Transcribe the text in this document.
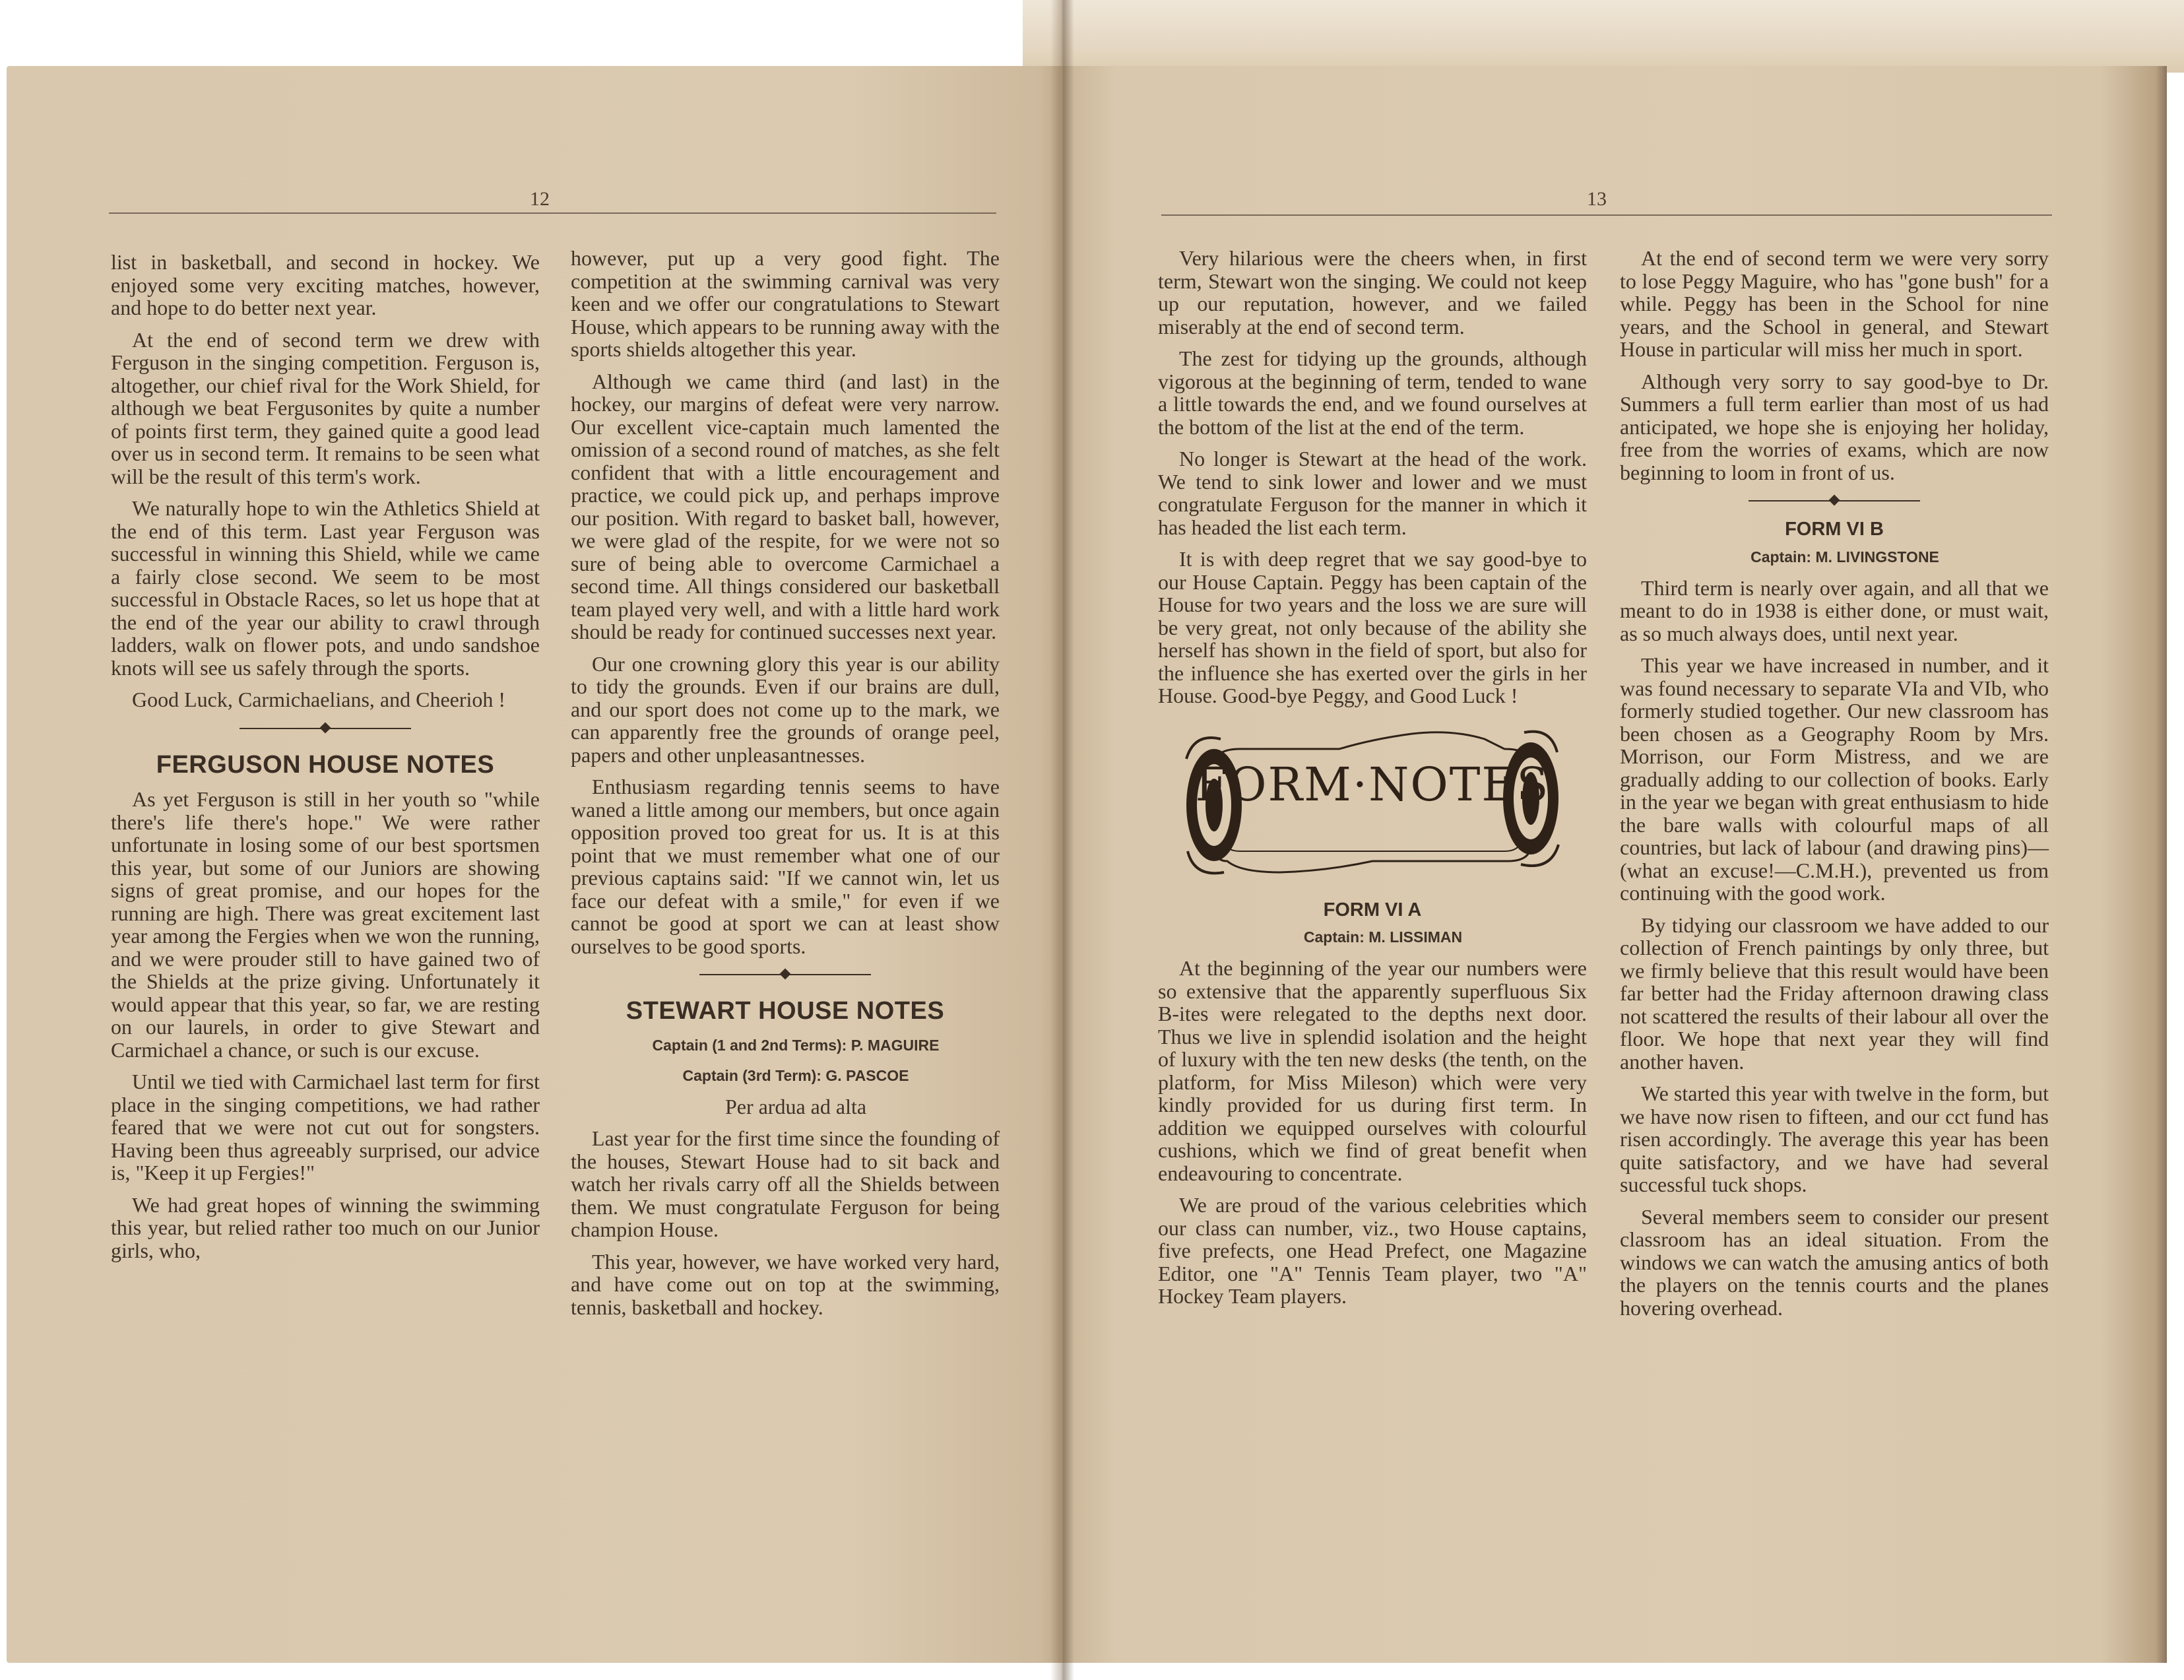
12

list in basketball, and second in hockey. We enjoyed some very exciting matches, however, and hope to do better next year.

At the end of second term we drew with Ferguson in the singing competition. Ferguson is, altogether, our chief rival for the Work Shield, for although we beat Fergusonites by quite a number of points first term, they gained quite a good lead over us in second term. It remains to be seen what will be the result of this term's work.

We naturally hope to win the Athletics Shield at the end of this term. Last year Ferguson was successful in winning this Shield, while we came a fairly close second. We seem to be most successful in Obstacle Races, so let us hope that at the end of the year our ability to crawl through ladders, walk on flower pots, and undo sandshoe knots will see us safely through the sports.

Good Luck, Carmichaelians, and Cheerioh !

FERGUSON HOUSE NOTES

As yet Ferguson is still in her youth so "while there's life there's hope." We were rather unfortunate in losing some of our best sportsmen this year, but some of our Juniors are showing signs of great promise, and our hopes for the running are high. There was great excitement last year among the Fergies when we won the running, and we were prouder still to have gained two of the Shields at the prize giving. Unfortunately it would appear that this year, so far, we are resting on our laurels, in order to give Stewart and Carmichael a chance, or such is our excuse.

Until we tied with Carmichael last term for first place in the singing competitions, we had rather feared that we were not cut out for songsters. Having been thus agreeably surprised, our advice is, "Keep it up Fergies!"

We had great hopes of winning the swimming this year, but relied rather too much on our Junior girls, who,

however, put up a very good fight. The competition at the swimming carnival was very keen and we offer our congratulations to Stewart House, which appears to be running away with the sports shields altogether this year.

Although we came third (and last) in the hockey, our margins of defeat were very narrow. Our excellent vice-captain much lamented the omission of a second round of matches, as she felt confident that with a little encouragement and practice, we could pick up, and perhaps improve our position. With regard to basket ball, however, we were glad of the respite, for we were not so sure of being able to overcome Carmichael a second time. All things considered our basketball team played very well, and with a little hard work should be ready for continued successes next year.

Our one crowning glory this year is our ability to tidy the grounds. Even if our brains are dull, and our sport does not come up to the mark, we can apparently free the grounds of orange peel, papers and other unpleasantnesses.

Enthusiasm regarding tennis seems to have waned a little among our members, but once again opposition proved too great for us. It is at this point that we must remember what one of our previous captains said: "If we cannot win, let us face our defeat with a smile," for even if we cannot be good at sport we can at least show ourselves to be good sports.

STEWART HOUSE NOTES

Captain (1 and 2nd Terms): P. MAGUIRE

Captain (3rd Term): G. PASCOE

Per ardua ad alta

Last year for the first time since the founding of the houses, Stewart House had to sit back and watch her rivals carry off all the Shields between them. We must congratulate Ferguson for being champion House.

This year, however, we have worked very hard, and have come out on top at the swimming, tennis, basketball and hockey.

13

Very hilarious were the cheers when, in first term, Stewart won the singing. We could not keep up our reputation, however, and we failed miserably at the end of second term.

The zest for tidying up the grounds, although vigorous at the beginning of term, tended to wane a little towards the end, and we found ourselves at the bottom of the list at the end of the term.

No longer is Stewart at the head of the work. We tend to sink lower and lower and we must congratulate Ferguson for the manner in which it has headed the list each term.

It is with deep regret that we say good-bye to our House Captain. Peggy has been captain of the House for two years and the loss we are sure will be very great, not only because of the ability she herself has shown in the field of sport, but also for the influence she has exerted over the girls in her House. Good-bye Peggy, and Good Luck !

FORM·NOTES
FORM VI A

Captain: M. LISSIMAN

At the beginning of the year our numbers were so extensive that the apparently superfluous Six B-ites were relegated to the depths next door. Thus we live in splendid isolation and the height of luxury with the ten new desks (the tenth, on the platform, for Miss Mileson) which were very kindly provided for us during first term. In addition we equipped ourselves with colourful cushions, which we find of great benefit when endeavouring to concentrate.

We are proud of the various celebrities which our class can number, viz., two House captains, five prefects, one Head Prefect, one Magazine Editor, one "A" Tennis Team player, two "A" Hockey Team players.

At the end of second term we were very sorry to lose Peggy Maguire, who has "gone bush" for a while. Peggy has been in the School for nine years, and the School in general, and Stewart House in particular will miss her much in sport.

Although very sorry to say good-bye to Dr. Summers a full term earlier than most of us had anticipated, we hope she is enjoying her holiday, free from the worries of exams, which are now beginning to loom in front of us.

FORM VI B

Captain: M. LIVINGSTONE

Third term is nearly over again, and all that we meant to do in 1938 is either done, or must wait, as so much always does, until next year.

This year we have increased in number, and it was found necessary to separate VIa and VIb, who formerly studied together. Our new classroom has been chosen as a Geography Room by Mrs. Morrison, our Form Mistress, and we are gradually adding to our collection of books. Early in the year we began with great enthusiasm to hide the bare walls with colourful maps of all countries, but lack of labour (and drawing pins)—(what an excuse!—C.M.H.), prevented us from continuing with the good work.

By tidying our classroom we have added to our collection of French paintings by only three, but we firmly believe that this result would have been far better had the Friday afternoon drawing class not scattered the results of their labour all over the floor. We hope that next year they will find another haven.

We started this year with twelve in the form, but we have now risen to fifteen, and our cct fund has risen accordingly. The average this year has been quite satisfactory, and we have had several successful tuck shops.

Several members seem to consider our present classroom has an ideal situation. From the windows we can watch the amusing antics of both the players on the tennis courts and the planes hovering overhead.
